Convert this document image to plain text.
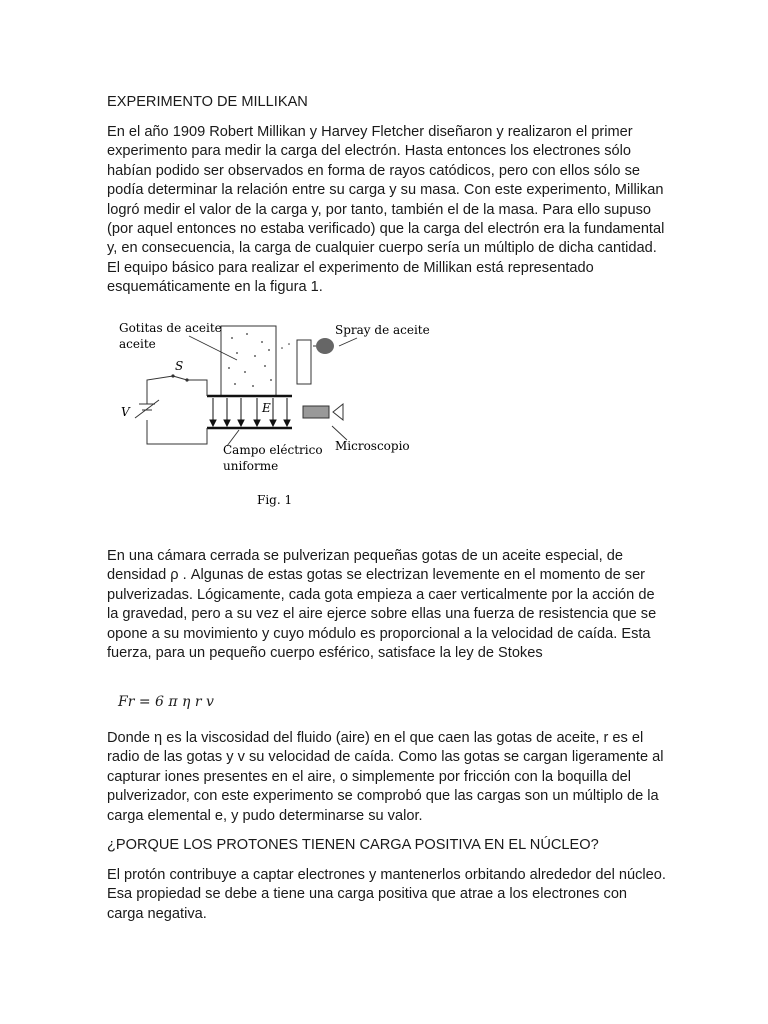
EXPERIMENTO DE MILLIKAN
En el año 1909 Robert Millikan y Harvey Fletcher diseñaron y realizaron el primer experimento para medir la carga del electrón. Hasta entonces los electrones sólo habían podido ser observados en forma de rayos catódicos, pero con ellos sólo se podía determinar la relación entre su carga y su masa. Con este experimento, Millikan logró medir el valor de la carga y, por tanto, también el de la masa. Para ello supuso (por aquel entonces no estaba verificado) que la carga del electrón era la fundamental y, en consecuencia, la carga de cualquier cuerpo sería un múltiplo de dicha cantidad. El equipo básico para realizar el experimento de Millikan está representado esquemáticamente en la figura 1.
Gotitas de aceite
aceite
Spray de aceite
S
V	E
Campo eléctrico
uniforme
Microscopio
Fig. 1
En una cámara cerrada se pulverizan pequeñas gotas de un aceite especial, de densidad ρ . Algunas de estas gotas se electrizan levemente en el momento de ser pulverizadas. Lógicamente, cada gota empieza a caer verticalmente por la acción de la gravedad, pero a su vez el aire ejerce sobre ellas una fuerza de resistencia que se opone a su movimiento y cuyo módulo es proporcional a la velocidad de caída. Esta fuerza, para un pequeño cuerpo esférico, satisface la ley de Stokes
Fr = 6 π η r v
Donde η es la viscosidad del fluido (aire) en el que caen las gotas de aceite, r es el radio de las gotas y v su velocidad de caída. Como las gotas se cargan ligeramente al capturar iones presentes en el aire, o simplemente por fricción con la boquilla del pulverizador, con este experimento se comprobó que las cargas son un múltiplo de la carga elemental e, y pudo determinarse su valor.
¿PORQUE LOS PROTONES TIENEN CARGA POSITIVA EN EL NÚCLEO?
El protón contribuye a captar electrones y mantenerlos orbitando alrededor del núcleo. Esa propiedad se debe a tiene una carga positiva que atrae a los electrones con carga negativa.
